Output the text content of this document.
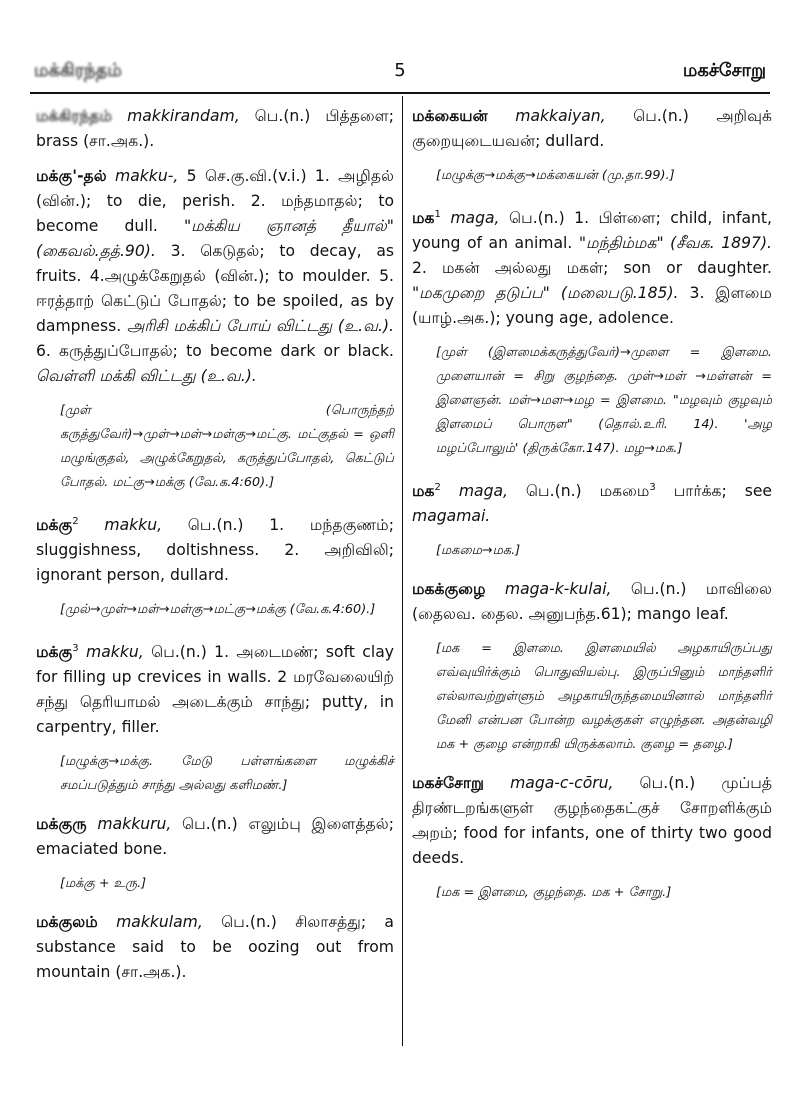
மக்கிரந்தம்	5	மகச்சோறு

மக்கிரந்தம் makkirandam, பெ.(n.) பித்தளை; brass (சா.அக.).

மக்கு'-தல் makku-, 5 செ.கு.வி.(v.i.) 1. அழிதல் (வின்.); to die, perish. 2. மந்தமாதல்; to become dull. "மக்கிய ஞானத் தீயால்" (கைவல்.தத்.90). 3. கெடுதல்; to decay, as fruits. 4.அழுக்கேறுதல் (வின்.); to moulder. 5. ஈரத்தாற் கெட்டுப் போதல்; to be spoiled, as by dampness. அரிசி மக்கிப் போய் விட்டது (உ.வ.). 6. கருத்துப்போதல்; to become dark or black. வெள்ளி மக்கி விட்டது (உ.வ.).

[முள் (பொருந்தற் கருத்துவேர்)→முள்→மள்→மள்கு→மட்கு. மட்குதல் = ஒளி மழுங்குதல், அழுக்கேறுதல், கருத்துப்போதல், கெட்டுப் போதல். மட்கு→மக்கு (வே.க.4:60).]

மக்கு$^2$ makku, பெ.(n.) 1. மந்தகுணம்; sluggishness, doltishness. 2. அறிவிலி; ignorant person, dullard.

[முல்→முள்→மள்→மள்கு→மட்கு→மக்கு (வே.க.4:60).]

மக்கு$^3$ makku, பெ.(n.) 1. அடைமண்; soft clay for filling up crevices in walls. 2 மரவேலையிற் சந்து தெரியாமல் அடைக்கும் சாந்து; putty, in carpentry, filler.

[மழுக்கு→மக்கு. மேடு பள்ளங்களை மழுக்கிச் சமப்படுத்தும் சாந்து அல்லது களிமண்.]

மக்குரு makkuru, பெ.(n.) எலும்பு இளைத்தல்; emaciated bone.

[மக்கு + உரு.]

மக்குலம் makkulam, பெ.(n.) சிலாசத்து; a substance said to be oozing out from mountain (சா.அக.).

மக்கையன் makkaiyan, பெ.(n.) அறிவுக் குறையுடையவன்; dullard.

[மழுக்கு→மக்கு→மக்கையன் (மு.தா.99).]

மக$^1$ maga, பெ.(n.) 1. பிள்ளை; child, infant, young of an animal. "மந்திம்மக" (சீவக. 1897). 2. மகன் அல்லது மகள்; son or daughter. "மகமுறை தடுப்ப" (மலைபடு.185). 3. இளமை (யாழ்.அக.); young age, adolence.

[முள் (இளமைக்கருத்துவேர்)→முளை = இளமை. முளையான் = சிறு குழந்தை. முள்→மள் →மள்ளன் = இளைஞன். மள்→மள→மழ = இளமை. "மழவும் குழவும் இளமைப் பொருள" (தொல்.உரி. 14). 'அழ மழப்போலும்' (திருக்கோ.147). மழ→மக.]

மக$^2$ maga, பெ.(n.) மகமை$^3$ பார்க்க; see magamai.

[மகமை→மக.]

மகக்குழை maga-k-kulai, பெ.(n.) மாவிலை (தைலவ. தைல. அனுபந்த.61); mango leaf.

[மக = இளமை. இளமையில் அழகாயிருப்பது எவ்வுயிர்க்கும் பொதுவியல்பு. இருப்பினும் மாந்தளிர் எல்லாவற்றுள்ளும் அழகாயிருந்தமையினால் மாந்தளிர் மேனி என்பன போன்ற வழக்குகள் எழுந்தன. அதன்வழி மக + குழை என்றாகி யிருக்கலாம். குழை = தழை.]

மகச்சோறு maga-c-cōru, பெ.(n.) முப்பத் திரண்டறங்களுள் குழந்தைகட்குச் சோறளிக்கும் அறம்; food for infants, one of thirty two good deeds.

[மக = இளமை, குழந்தை. மக + சோறு.]
